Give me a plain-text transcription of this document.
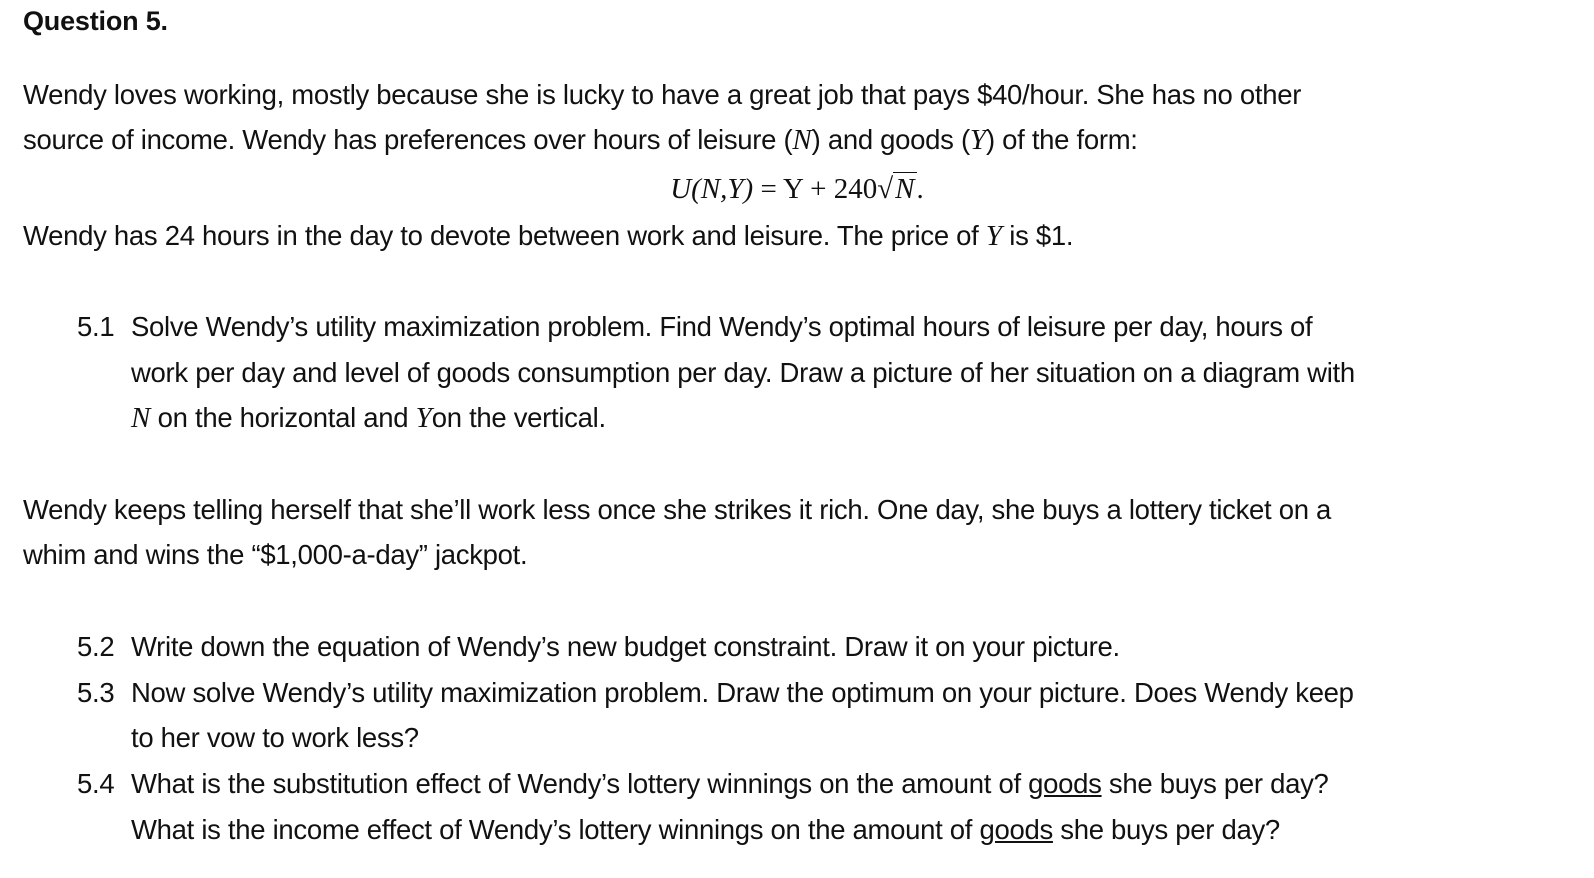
Question 5.
Wendy loves working, mostly because she is lucky to have a great job that pays $40/hour. She has no other
source of income. Wendy has preferences over hours of leisure (N) and goods (Y) of the form:
U(N,Y) = Y + 240√N.
Wendy has 24 hours in the day to devote between work and leisure. The price of Y is $1.
5.1 Solve Wendy’s utility maximization problem. Find Wendy’s optimal hours of leisure per day, hours of
work per day and level of goods consumption per day. Draw a picture of her situation on a diagram with
N on the horizontal and Yon the vertical.
Wendy keeps telling herself that she’ll work less once she strikes it rich. One day, she buys a lottery ticket on a
whim and wins the “$1,000-a-day” jackpot.
5.2 Write down the equation of Wendy’s new budget constraint. Draw it on your picture.
5.3 Now solve Wendy’s utility maximization problem. Draw the optimum on your picture. Does Wendy keep
to her vow to work less?
5.4 What is the substitution effect of Wendy’s lottery winnings on the amount of goods she buys per day?
What is the income effect of Wendy’s lottery winnings on the amount of goods she buys per day?
